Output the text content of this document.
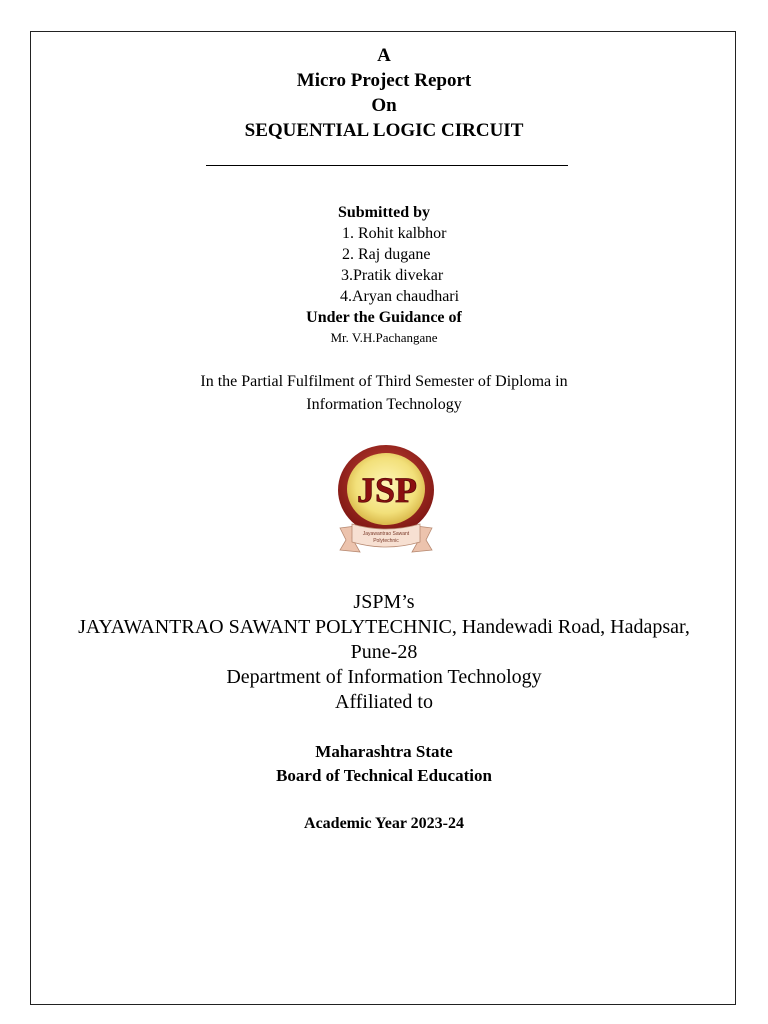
A
Micro Project Report
On
SEQUENTIAL LOGIC CIRCUIT
Submitted by
1. Rohit kalbhor
2. Raj dugane
3.Pratik divekar
4.Aryan chaudhari
Under the Guidance of
Mr. V.H.Pachangane
In the Partial Fulfilment of Third Semester of Diploma in
Information Technology
JSP
Jayawantrao Sawant
Polytechnic
JSPM’s
JAYAWANTRAO SAWANT POLYTECHNIC, Handewadi Road, Hadapsar,
Pune-28
Department of Information Technology
Affiliated to
Maharashtra State
Board of Technical Education
Academic Year 2023-24
